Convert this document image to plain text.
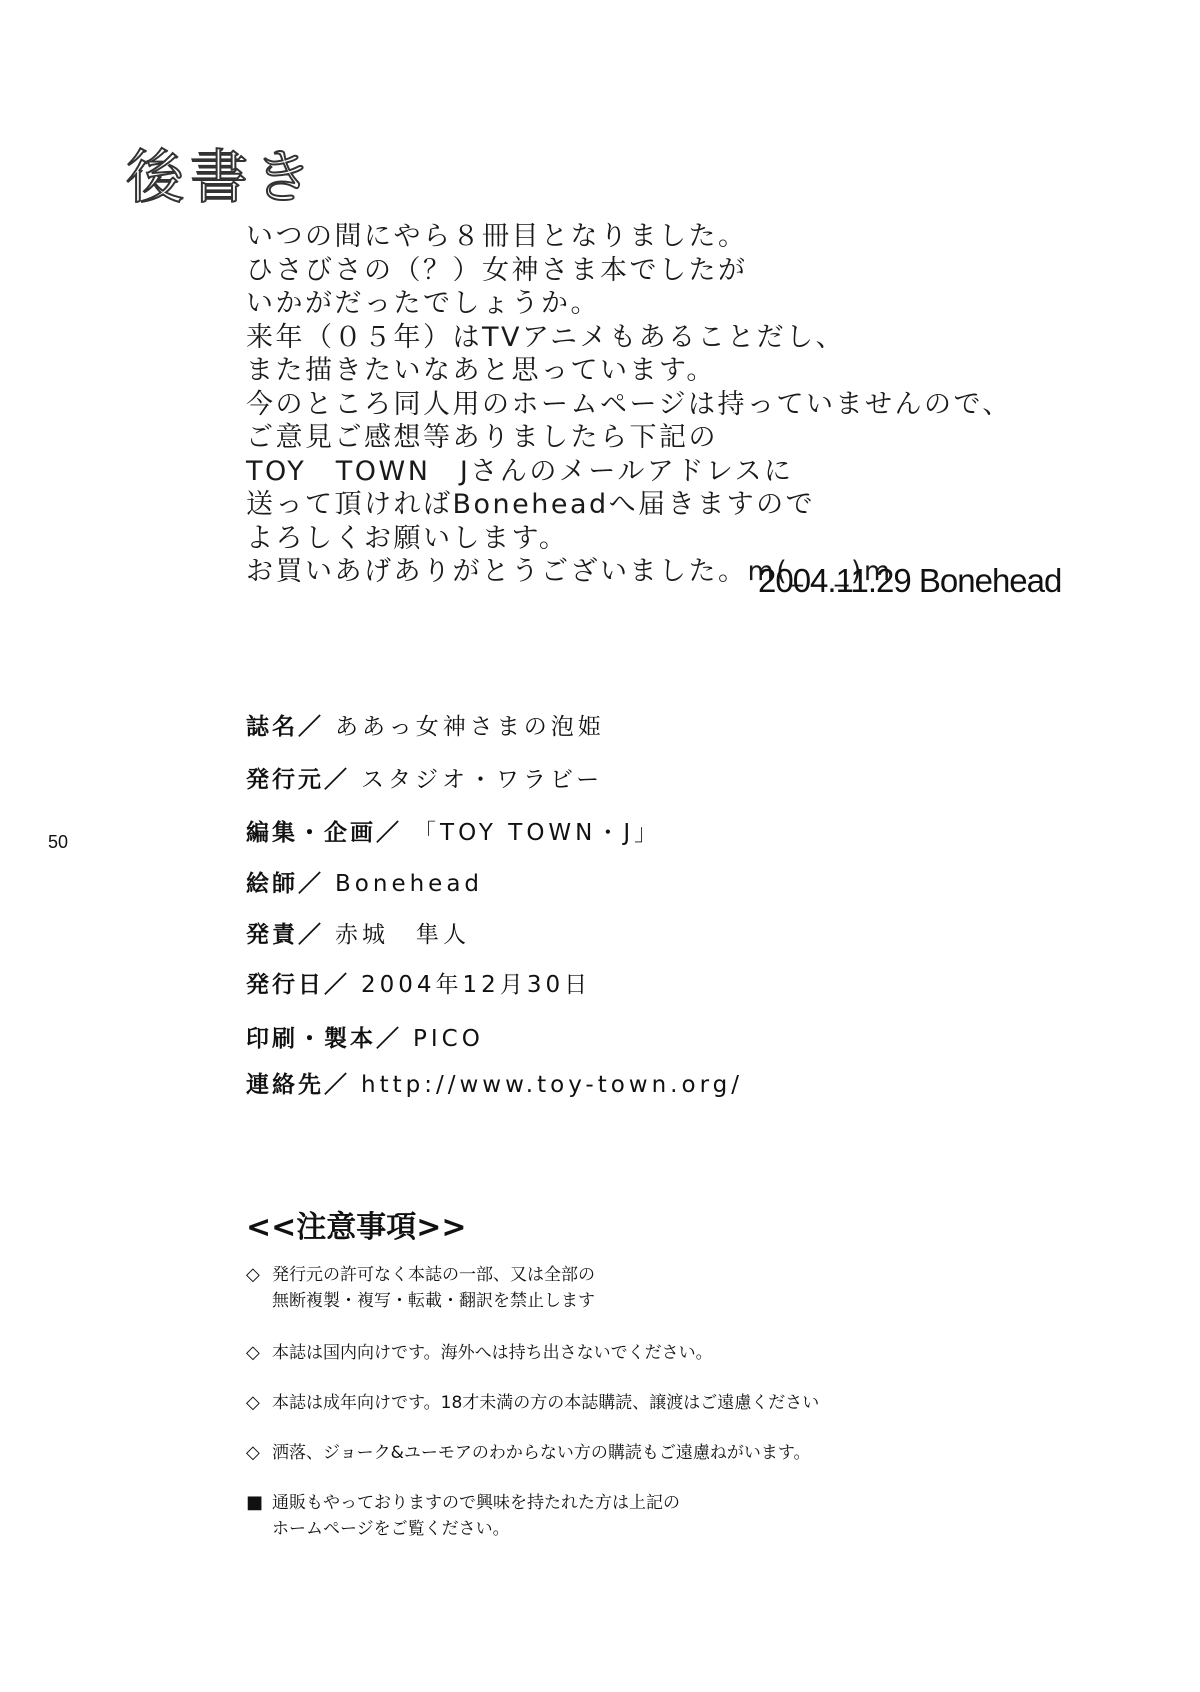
後書き
いつの間にやら８冊目となりました。
ひさびさの（？）女神さま本でしたが
いかがだったでしょうか。
来年（０５年）はTVアニメもあることだし、
また描きたいなあと思っています。
今のところ同人用のホームページは持っていませんので、
ご意見ご感想等ありましたら下記の
TOY　TOWN　Jさんのメールアドレスに
送って頂ければBoneheadへ届きますので
よろしくお願いします。
お買いあげありがとうございました。m(_　_)m
2004.11.29 Bonehead
50
誌名／ ああっ女神さまの泡姫
発行元／ スタジオ・ワラビー
編集・企画／ 「TOY TOWN・J」
絵師／ Bonehead
発責／ 赤城　隼人
発行日／ 2004年12月30日
印刷・製本／ PICO
連絡先／ http://www.toy-town.org/
<<注意事項>>
◇ 発行元の許可なく本誌の一部、又は全部の
無断複製・複写・転載・翻訳を禁止します
◇ 本誌は国内向けです。海外へは持ち出さないでください。
◇ 本誌は成年向けです。18才未満の方の本誌購読、譲渡はご遠慮ください
◇ 洒落、ジョーク&ユーモアのわからない方の購読もご遠慮ねがいます。
■ 通販もやっておりますので興味を持たれた方は上記の
ホームページをご覧ください。
